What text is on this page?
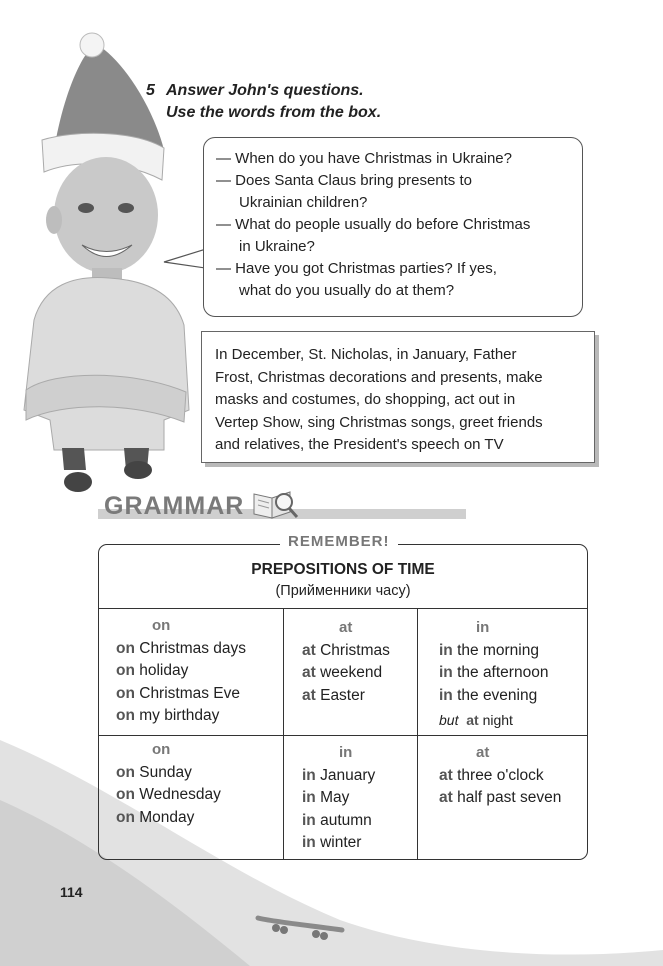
5 Answer John's questions.
Use the words from the box.

— When do you have Christmas in Ukraine?

— Does Santa Claus bring presents to
Ukrainian children?

— What do people usually do before Christmas
in Ukraine?

— Have you got Christmas parties? If yes,
what do you usually do at them?

In December, St. Nicholas, in January, Father
Frost, Christmas decorations and presents, make
masks and costumes, do shopping, act out in
Vertep Show, sing Christmas songs, greet friends
and relatives, the President's speech on TV
GRAMMAR
REMEMBER!
PREPOSITIONS OF TIME
(Прийменники часу)
on
on Christmas days
on holiday
on Christmas Eve
on my birthday
at
at Christmas
at weekend
at Easter
in
in the morning
in the afternoon
in the evening
but at night
on
on Sunday
on Wednesday
on Monday
in
in January
in May
in autumn
in winter
at
at three o'clock
at half past seven
114
